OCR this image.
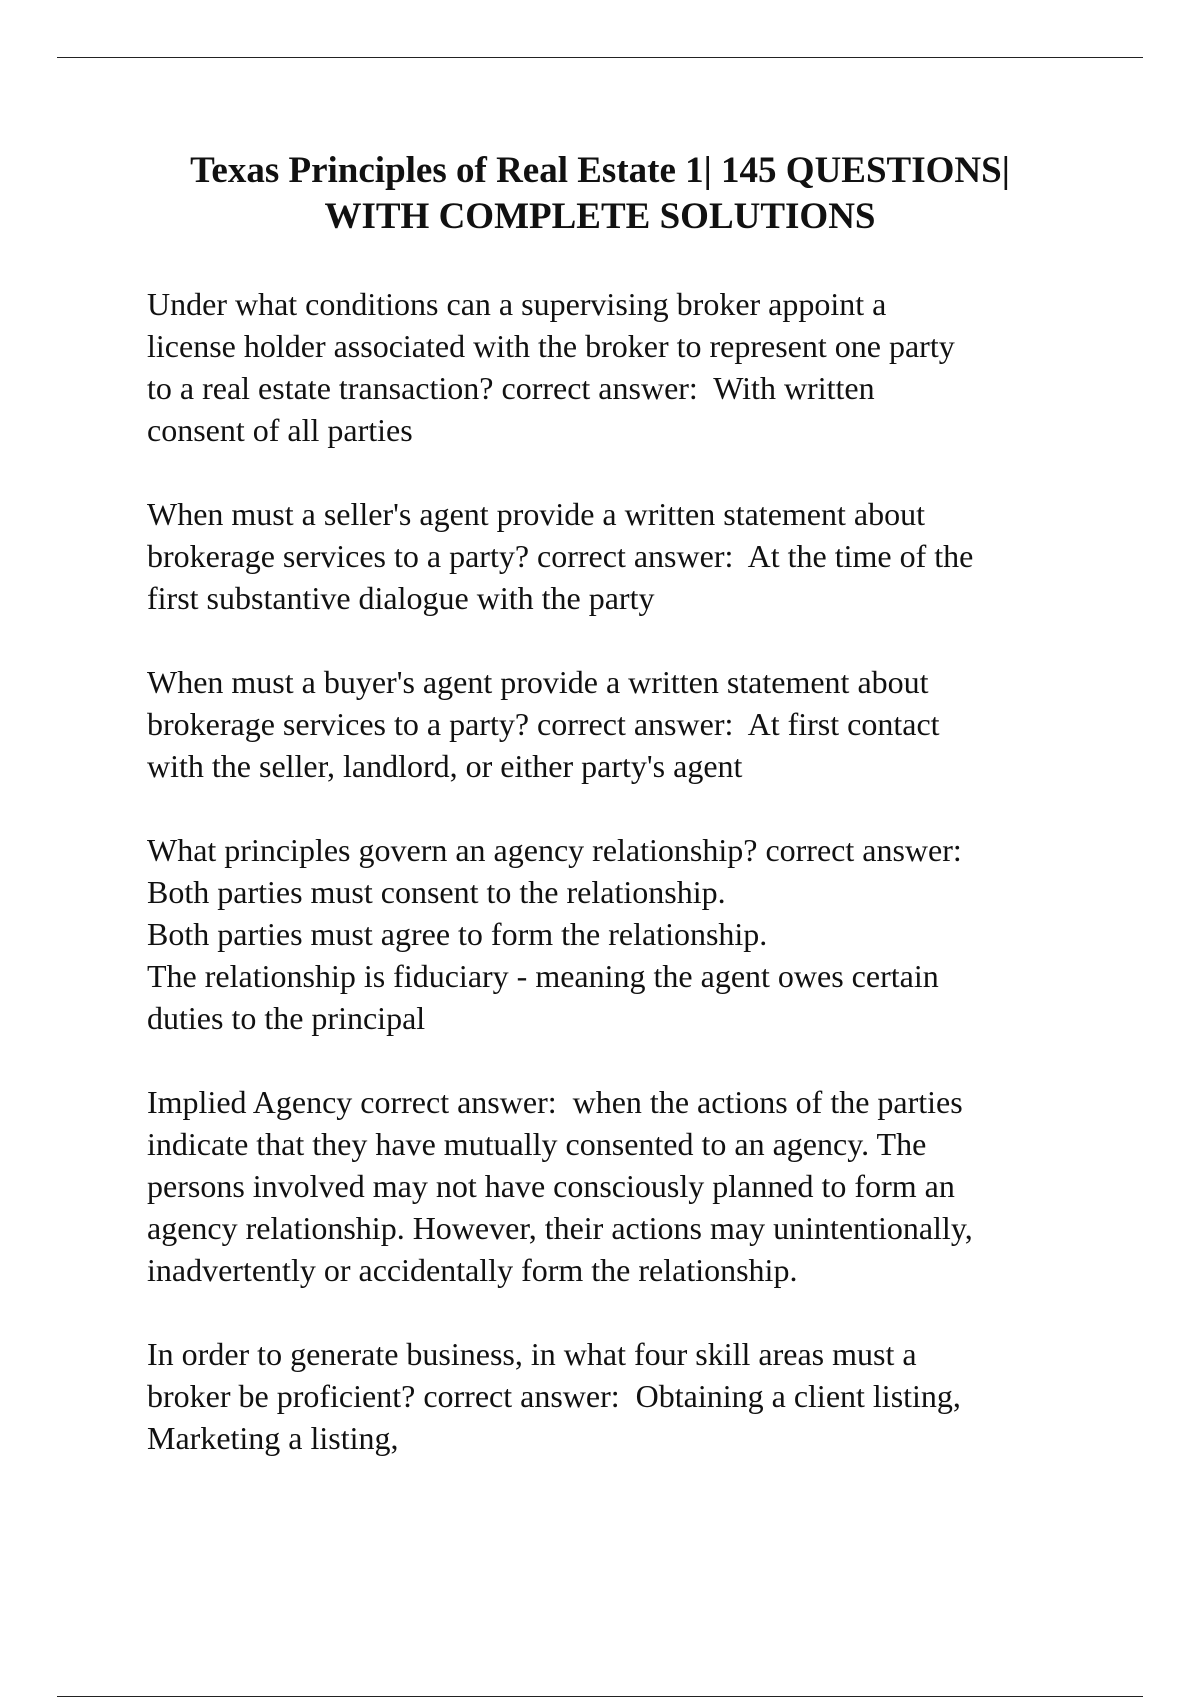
Texas Principles of Real Estate 1| 145 QUESTIONS|
WITH COMPLETE SOLUTIONS

Under what conditions can a supervising broker appoint a
license holder associated with the broker to represent one party
to a real estate transaction? correct answer:  With written
consent of all parties

When must a seller's agent provide a written statement about
brokerage services to a party? correct answer:  At the time of the
first substantive dialogue with the party

When must a buyer's agent provide a written statement about
brokerage services to a party? correct answer:  At first contact
with the seller, landlord, or either party's agent

What principles govern an agency relationship? correct answer:
Both parties must consent to the relationship.
Both parties must agree to form the relationship.
The relationship is fiduciary - meaning the agent owes certain
duties to the principal

Implied Agency correct answer:  when the actions of the parties
indicate that they have mutually consented to an agency. The
persons involved may not have consciously planned to form an
agency relationship. However, their actions may unintentionally,
inadvertently or accidentally form the relationship.

In order to generate business, in what four skill areas must a
broker be proficient? correct answer:  Obtaining a client listing,
Marketing a listing,
